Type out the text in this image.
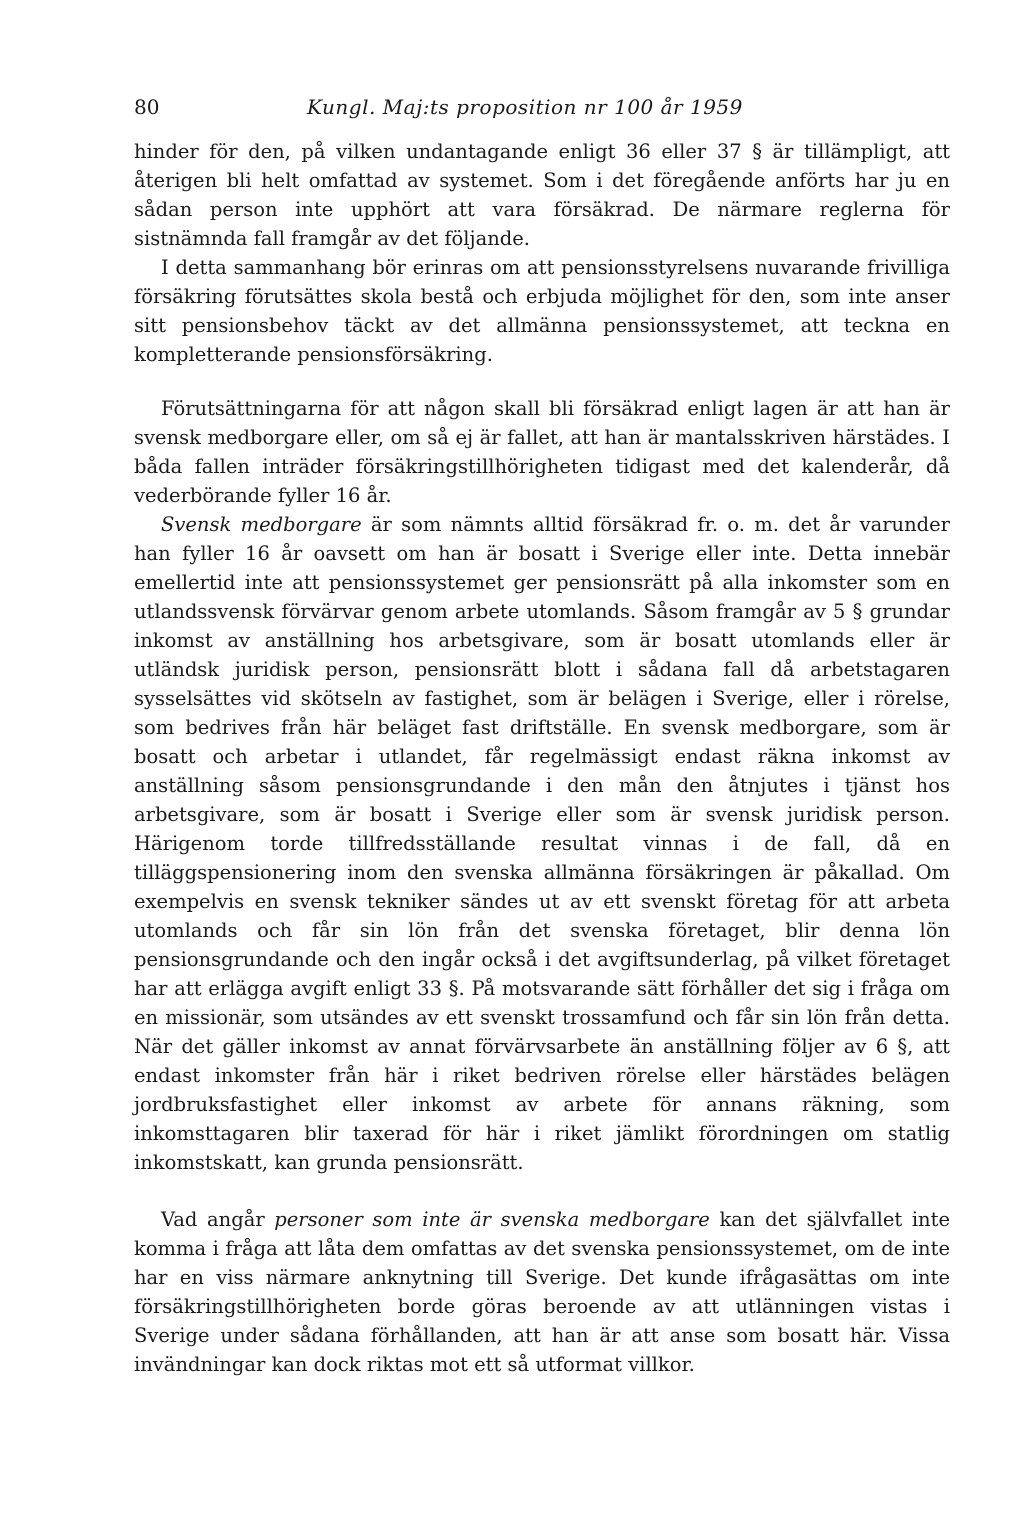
80	Kungl. Maj:ts proposition nr 100 år 1959

hinder för den, på vilken undantagande enligt 36 eller 37 § är tillämpligt, att återigen bli helt omfattad av systemet. Som i det föregående anförts har ju en sådan person inte upphört att vara försäkrad. De närmare reglerna för sistnämnda fall framgår av det följande.

I detta sammanhang bör erinras om att pensionsstyrelsens nuvarande frivilliga försäkring förutsättes skola bestå och erbjuda möjlighet för den, som inte anser sitt pensionsbehov täckt av det allmänna pensionssystemet, att teckna en kompletterande pensionsförsäkring.

Förutsättningarna för att någon skall bli försäkrad enligt lagen är att han är svensk medborgare eller, om så ej är fallet, att han är mantalsskriven härstädes. I båda fallen inträder försäkringstillhörigheten tidigast med det kalenderår, då vederbörande fyller 16 år.

Svensk medborgare är som nämnts alltid försäkrad fr. o. m. det år varunder han fyller 16 år oavsett om han är bosatt i Sverige eller inte. Detta innebär emellertid inte att pensionssystemet ger pensionsrätt på alla inkomster som en utlandssvensk förvärvar genom arbete utomlands. Såsom framgår av 5 § grundar inkomst av anställning hos arbetsgivare, som är bosatt utomlands eller är utländsk juridisk person, pensionsrätt blott i sådana fall då arbetstagaren sysselsättes vid skötseln av fastighet, som är belägen i Sverige, eller i rörelse, som bedrives från här beläget fast driftställe. En svensk medborgare, som är bosatt och arbetar i utlandet, får regelmässigt endast räkna inkomst av anställning såsom pensionsgrundande i den mån den åtnjutes i tjänst hos arbetsgivare, som är bosatt i Sverige eller som är svensk juridisk person. Härigenom torde tillfredsställande resultat vinnas i de fall, då en tilläggspensionering inom den svenska allmänna försäkringen är påkallad. Om exempelvis en svensk tekniker sändes ut av ett svenskt företag för att arbeta utomlands och får sin lön från det svenska företaget, blir denna lön pensionsgrundande och den ingår också i det avgiftsunderlag, på vilket företaget har att erlägga avgift enligt 33 §. På motsvarande sätt förhåller det sig i fråga om en missionär, som utsändes av ett svenskt trossamfund och får sin lön från detta. När det gäller inkomst av annat förvärvsarbete än anställning följer av 6 §, att endast inkomster från här i riket bedriven rörelse eller härstädes belägen jordbruksfastighet eller inkomst av arbete för annans räkning, som inkomsttagaren blir taxerad för här i riket jämlikt förordningen om statlig inkomstskatt, kan grunda pensionsrätt.

Vad angår personer som inte är svenska medborgare kan det självfallet inte komma i fråga att låta dem omfattas av det svenska pensionssystemet, om de inte har en viss närmare anknytning till Sverige. Det kunde ifrågasättas om inte försäkringstillhörigheten borde göras beroende av att utlänningen vistas i Sverige under sådana förhållanden, att han är att anse som bosatt här. Vissa invändningar kan dock riktas mot ett så utformat villkor.
